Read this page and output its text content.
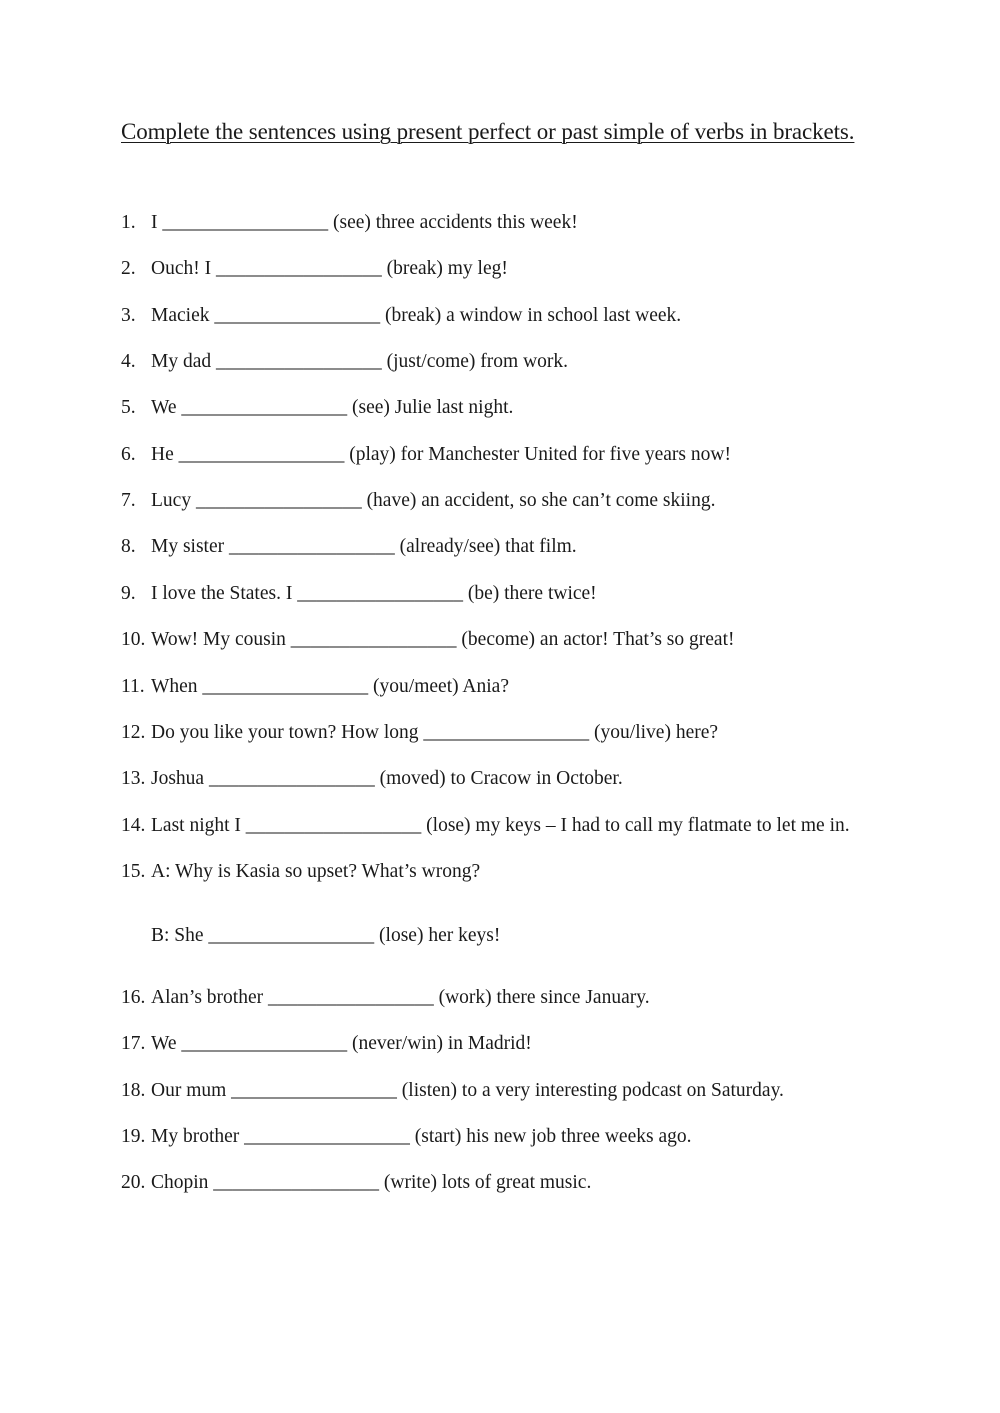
Complete the sentences using present perfect or past simple of verbs in brackets.
1. I _________________ (see) three accidents this week!
2. Ouch! I _________________ (break) my leg!
3. Maciek _________________ (break) a window in school last week.
4. My dad _________________ (just/come) from work.
5. We _________________ (see) Julie last night.
6. He _________________ (play) for Manchester United for five years now!
7. Lucy _________________ (have) an accident, so she can’t come skiing.
8. My sister _________________ (already/see) that film.
9. I love the States. I _________________ (be) there twice!
10. Wow! My cousin _________________ (become) an actor! That’s so great!
11. When _________________ (you/meet) Ania?
12. Do you like your town? How long _________________ (you/live) here?
13. Joshua _________________ (moved) to Cracow in October.
14. Last night I __________________ (lose) my keys – I had to call my flatmate to let me in.
15. A: Why is Kasia so upset? What’s wrong?
B: She _________________ (lose) her keys!
16. Alan’s brother _________________ (work) there since January.
17. We _________________ (never/win) in Madrid!
18. Our mum _________________ (listen) to a very interesting podcast on Saturday.
19. My brother _________________ (start) his new job three weeks ago.
20. Chopin _________________ (write) lots of great music.
